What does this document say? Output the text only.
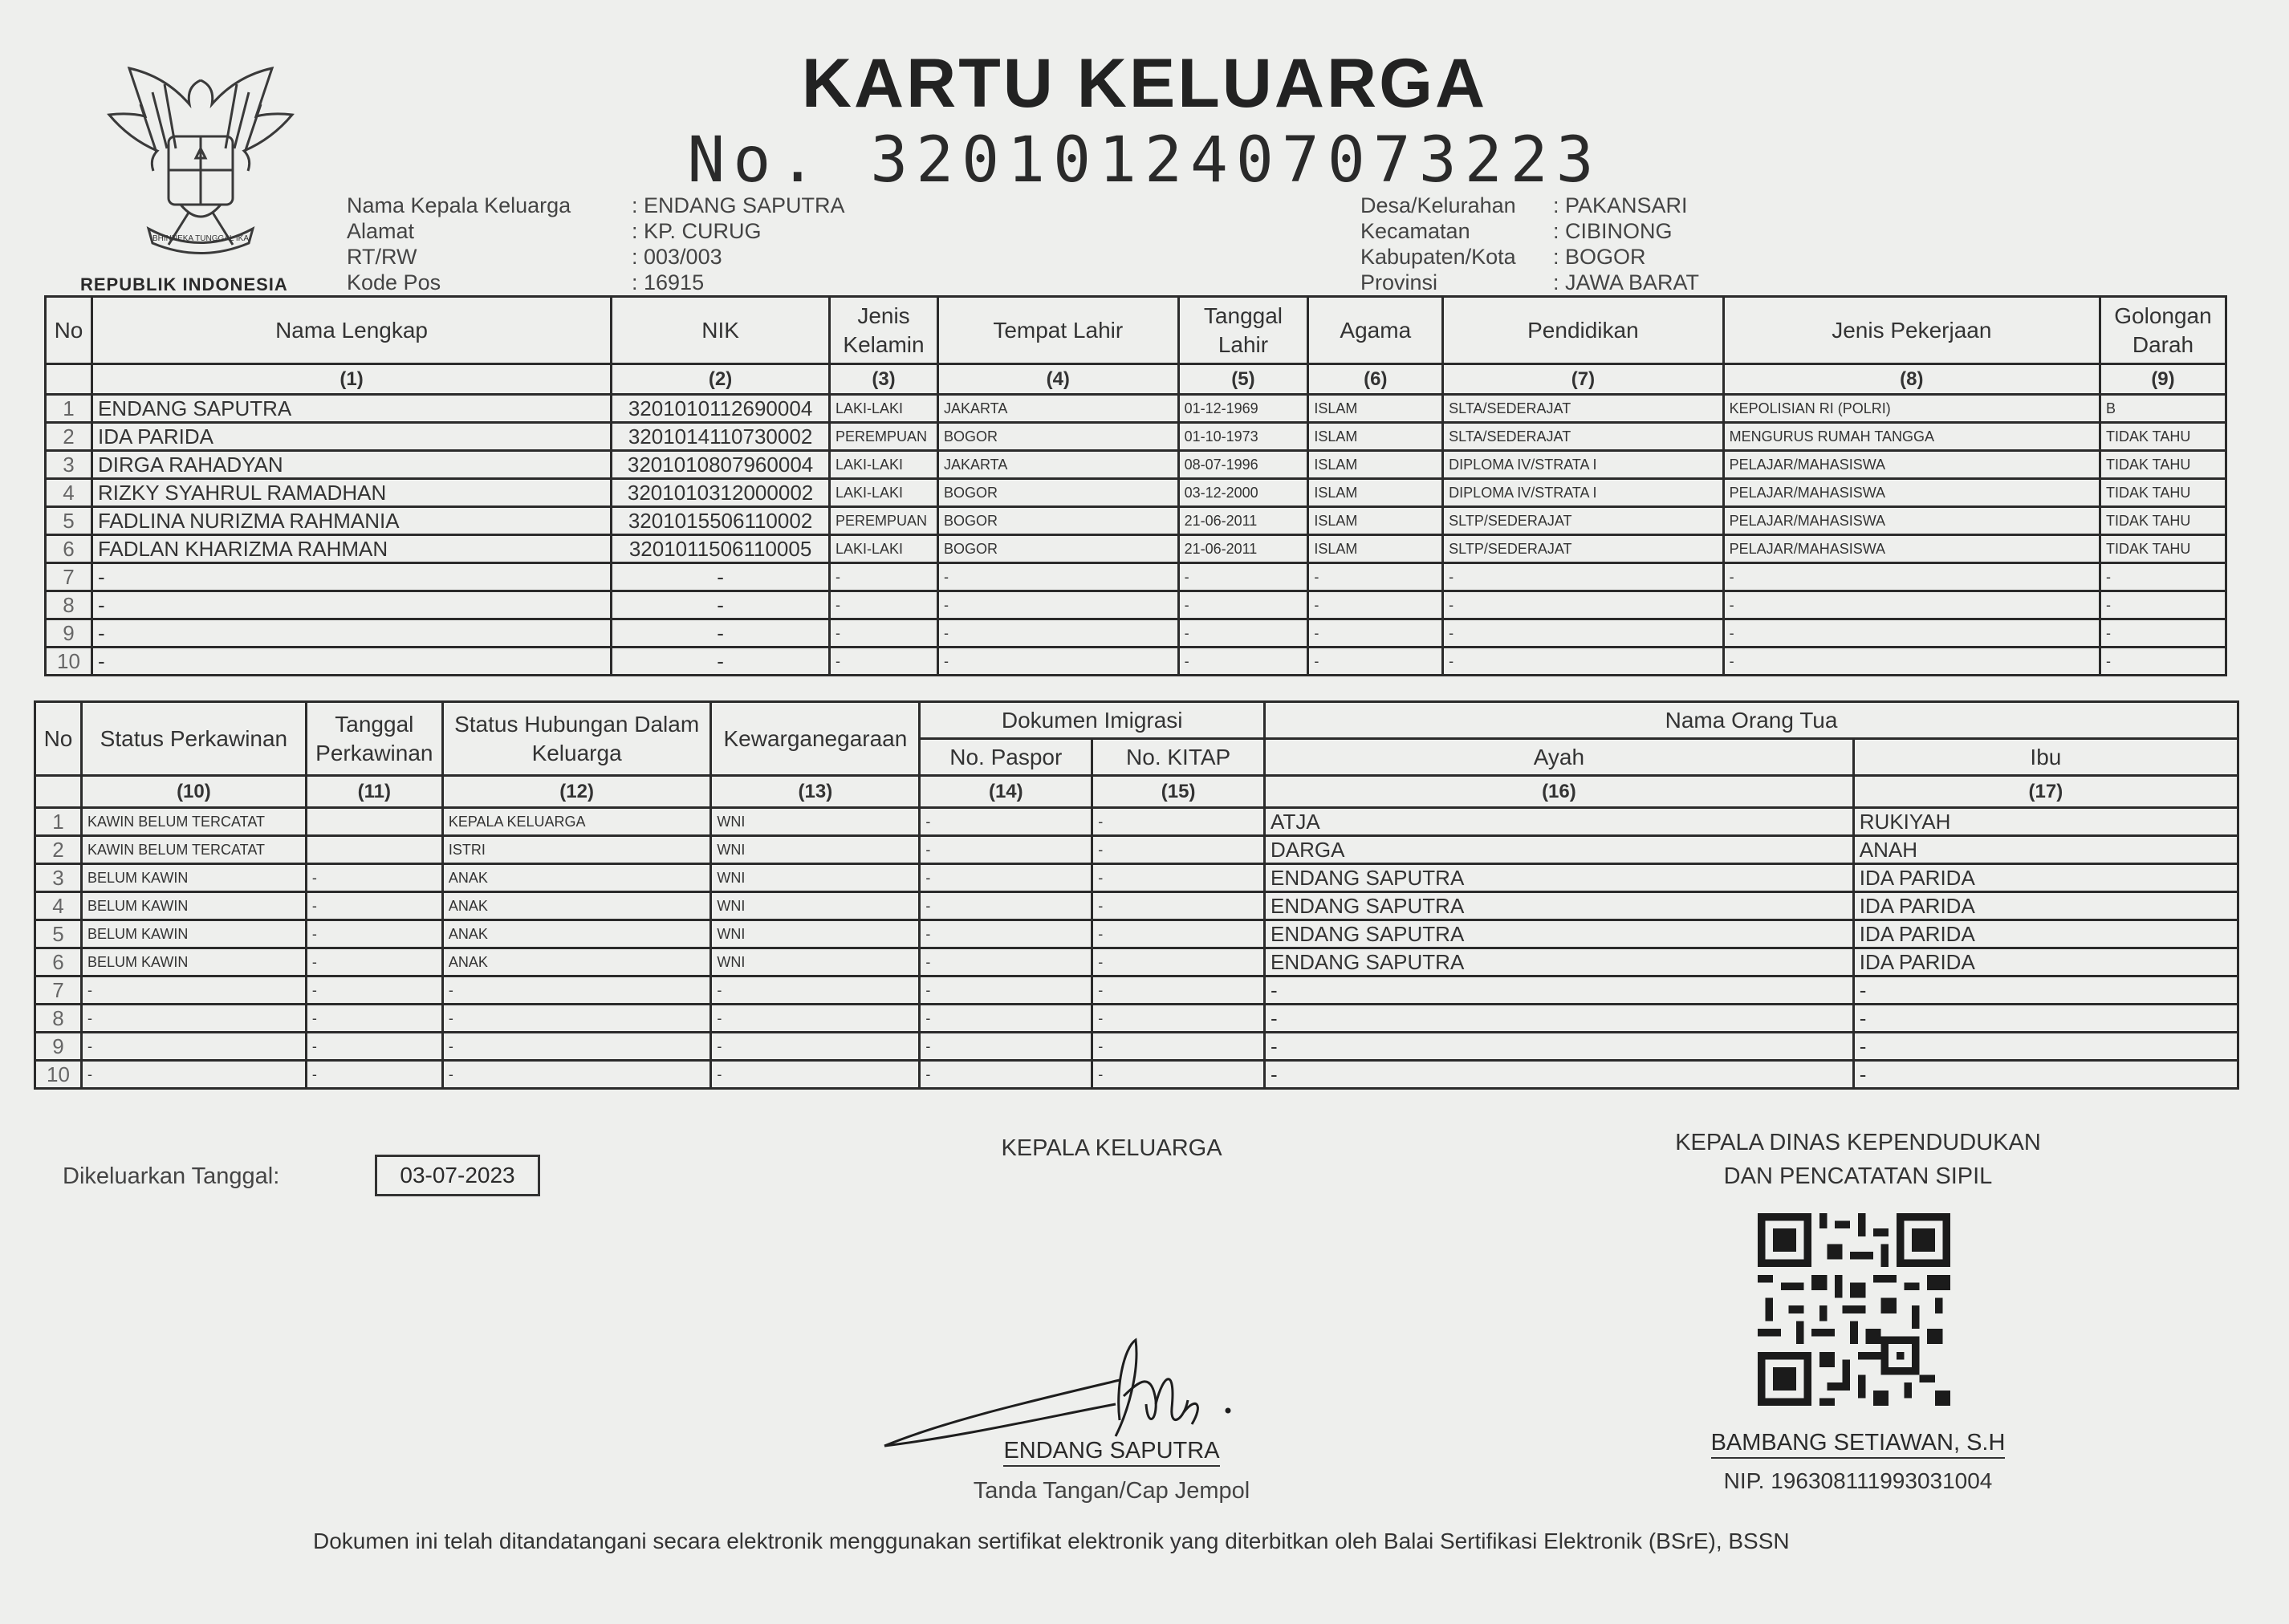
KARTU KELUARGA
No. 3201012407073223
BHINNEKA TUNGGAL IKA
REPUBLIK INDONESIA
Nama Kepala Keluarga	: ENDANG SAPUTRA
Alamat	: KP. CURUG
RT/RW	: 003/003
Kode Pos	: 16915
Desa/Kelurahan	: PAKANSARI
Kecamatan	: CIBINONG
Kabupaten/Kota	: BOGOR
Provinsi	: JAWA BARAT
No	Nama Lengkap	NIK	Jenis Kelamin	Tempat Lahir	Tanggal Lahir	Agama	Pendidikan	Jenis Pekerjaan	Golongan Darah
	(1)	(2)	(3)	(4)	(5)	(6)	(7)	(8)	(9)
1	ENDANG SAPUTRA	3201010112690004	LAKI-LAKI	JAKARTA	01-12-1969	ISLAM	SLTA/SEDERAJAT	KEPOLISIAN RI (POLRI)	B
2	IDA PARIDA	3201014110730002	PEREMPUAN	BOGOR	01-10-1973	ISLAM	SLTA/SEDERAJAT	MENGURUS RUMAH TANGGA	TIDAK TAHU
3	DIRGA RAHADYAN	3201010807960004	LAKI-LAKI	JAKARTA	08-07-1996	ISLAM	DIPLOMA IV/STRATA I	PELAJAR/MAHASISWA	TIDAK TAHU
4	RIZKY SYAHRUL RAMADHAN	3201010312000002	LAKI-LAKI	BOGOR	03-12-2000	ISLAM	DIPLOMA IV/STRATA I	PELAJAR/MAHASISWA	TIDAK TAHU
5	FADLINA NURIZMA RAHMANIA	3201015506110002	PEREMPUAN	BOGOR	21-06-2011	ISLAM	SLTP/SEDERAJAT	PELAJAR/MAHASISWA	TIDAK TAHU
6	FADLAN KHARIZMA RAHMAN	3201011506110005	LAKI-LAKI	BOGOR	21-06-2011	ISLAM	SLTP/SEDERAJAT	PELAJAR/MAHASISWA	TIDAK TAHU
7	-	-	-	-	-	-	-	-	-
8	-	-	-	-	-	-	-	-	-
9	-	-	-	-	-	-	-	-	-
10	-	-	-	-	-	-	-	-	-
No	Status Perkawinan	Tanggal Perkawinan	Status Hubungan Dalam Keluarga	Kewarganegaraan	Dokumen Imigrasi		Nama Orang Tua	
					No. Paspor	No. KITAP	Ayah	Ibu
	(10)	(11)	(12)	(13)	(14)	(15)	(16)	(17)
1	KAWIN BELUM TERCATAT		KEPALA KELUARGA	WNI	-	-	ATJA	RUKIYAH
2	KAWIN BELUM TERCATAT		ISTRI	WNI	-	-	DARGA	ANAH
3	BELUM KAWIN	-	ANAK	WNI	-	-	ENDANG SAPUTRA	IDA PARIDA
4	BELUM KAWIN	-	ANAK	WNI	-	-	ENDANG SAPUTRA	IDA PARIDA
5	BELUM KAWIN	-	ANAK	WNI	-	-	ENDANG SAPUTRA	IDA PARIDA
6	BELUM KAWIN	-	ANAK	WNI	-	-	ENDANG SAPUTRA	IDA PARIDA
7	-	-	-	-	-	-	-	-
8	-	-	-	-	-	-	-	-
9	-	-	-	-	-	-	-	-
10	-	-	-	-	-	-	-	-
Dikeluarkan Tanggal:	03-07-2023
KEPALA KELUARGA
ENDANG SAPUTRA
Tanda Tangan/Cap Jempol
KEPALA DINAS KEPENDUDUKAN
DAN PENCATATAN SIPIL
BAMBANG SETIAWAN, S.H
NIP. 196308111993031004
Dokumen ini telah ditandatangani secara elektronik menggunakan sertifikat elektronik yang diterbitkan oleh Balai Sertifikasi Elektronik (BSrE), BSSN
